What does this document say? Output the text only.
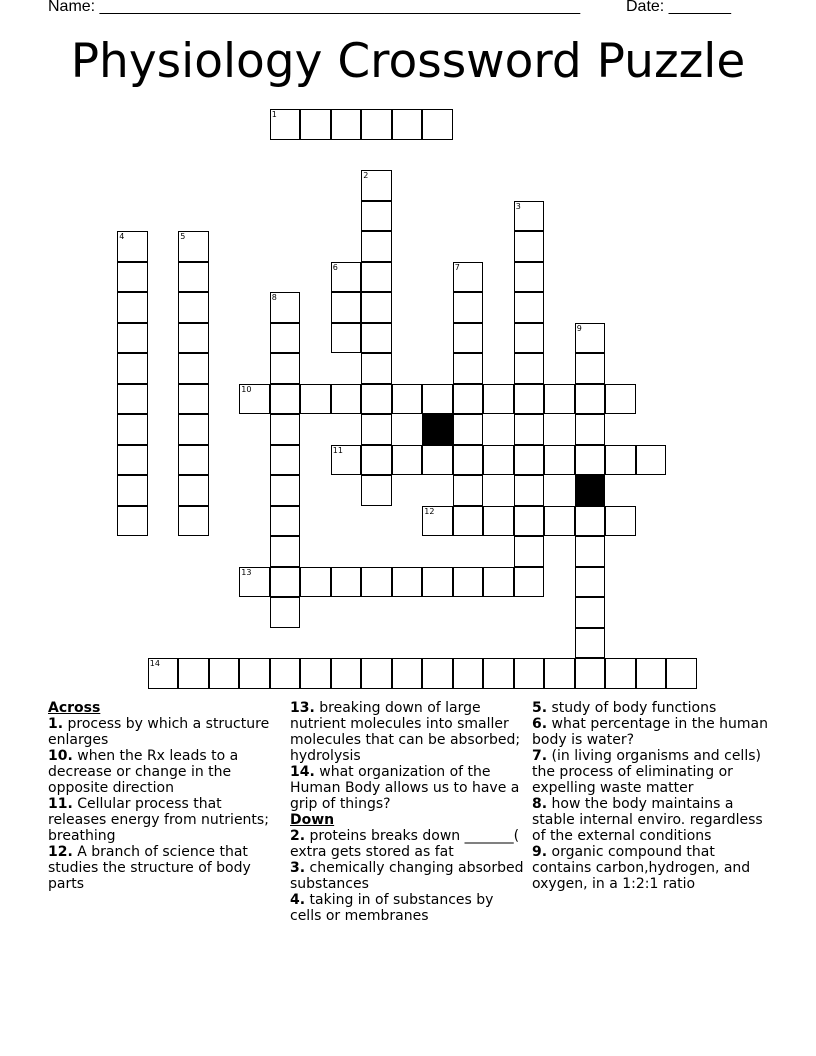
Name: ______________________________________________________	Date: _______
Physiology Crossword Puzzle
1
2
3
4	5
6	7
8
9
10
11
12
13
14
Across
1. process by which a structure enlarges
10. when the Rx leads to a decrease or change in the opposite direction
11. Cellular process that releases energy from nutrients; breathing
12. A branch of science that studies the structure of body parts
13. breaking down of large nutrient molecules into smaller molecules that can be absorbed; hydrolysis
14. what organization of the Human Body allows us to have a grip of things?
Down
2. proteins breaks down _______( extra gets stored as fat
3. chemically changing absorbed substances
4. taking in of substances by cells or membranes
5. study of body functions
6. what percentage in the human body is water?
7. (in living organisms and cells) the process of eliminating or expelling waste matter
8. how the body maintains a stable internal enviro. regardless of the external conditions
9. organic compound that contains carbon,hydrogen, and oxygen, in a 1:2:1 ratio
